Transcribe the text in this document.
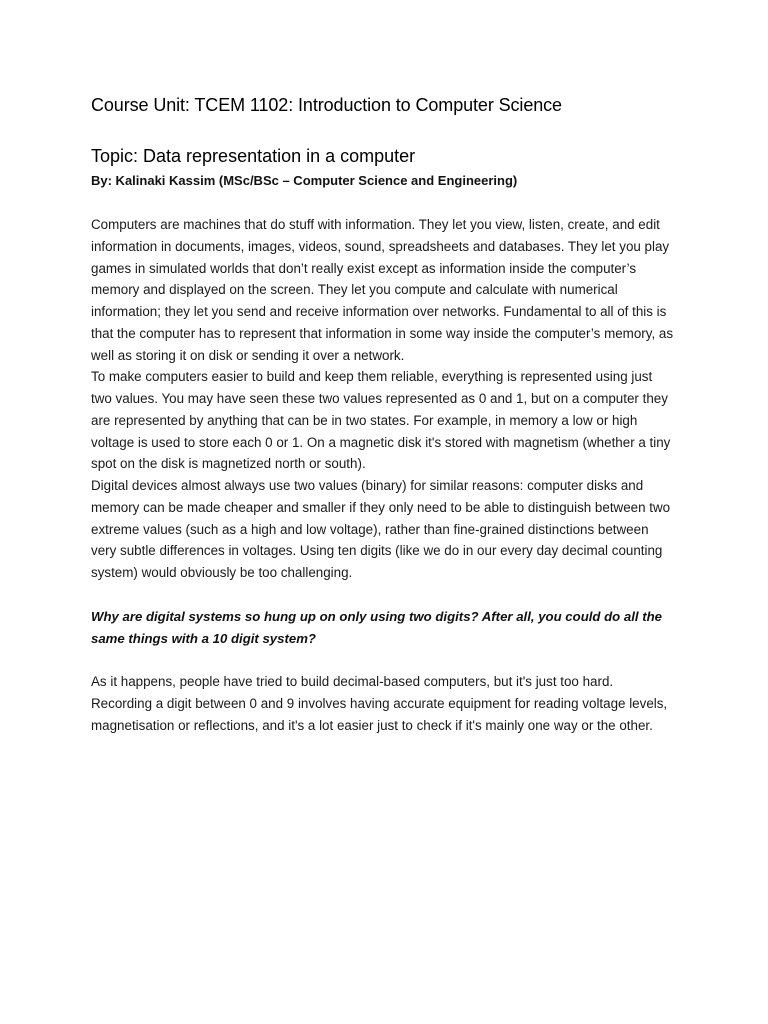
Course Unit: TCEM 1102: Introduction to Computer Science
Topic: Data representation in a computer

By: Kalinaki Kassim (MSc/BSc – Computer Science and Engineering)

Computers are machines that do stuff with information. They let you view, listen, create, and edit information in documents, images, videos, sound, spreadsheets and databases. They let you play games in simulated worlds that don’t really exist except as information inside the computer’s memory and displayed on the screen. They let you compute and calculate with numerical information; they let you send and receive information over networks. Fundamental to all of this is that the computer has to represent that information in some way inside the computer’s memory, as well as storing it on disk or sending it over a network.

To make computers easier to build and keep them reliable, everything is represented using just two values. You may have seen these two values represented as 0 and 1, but on a computer they are represented by anything that can be in two states. For example, in memory a low or high voltage is used to store each 0 or 1. On a magnetic disk it's stored with magnetism (whether a tiny spot on the disk is magnetized north or south).

Digital devices almost always use two values (binary) for similar reasons: computer disks and memory can be made cheaper and smaller if they only need to be able to distinguish between two extreme values (such as a high and low voltage), rather than fine-grained distinctions between very subtle differences in voltages. Using ten digits (like we do in our every day decimal counting system) would obviously be too challenging.

Why are digital systems so hung up on only using two digits? After all, you could do all the same things with a 10 digit system?

As it happens, people have tried to build decimal-based computers, but it's just too hard. Recording a digit between 0 and 9 involves having accurate equipment for reading voltage levels, magnetisation or reflections, and it's a lot easier just to check if it's mainly one way or the other.
